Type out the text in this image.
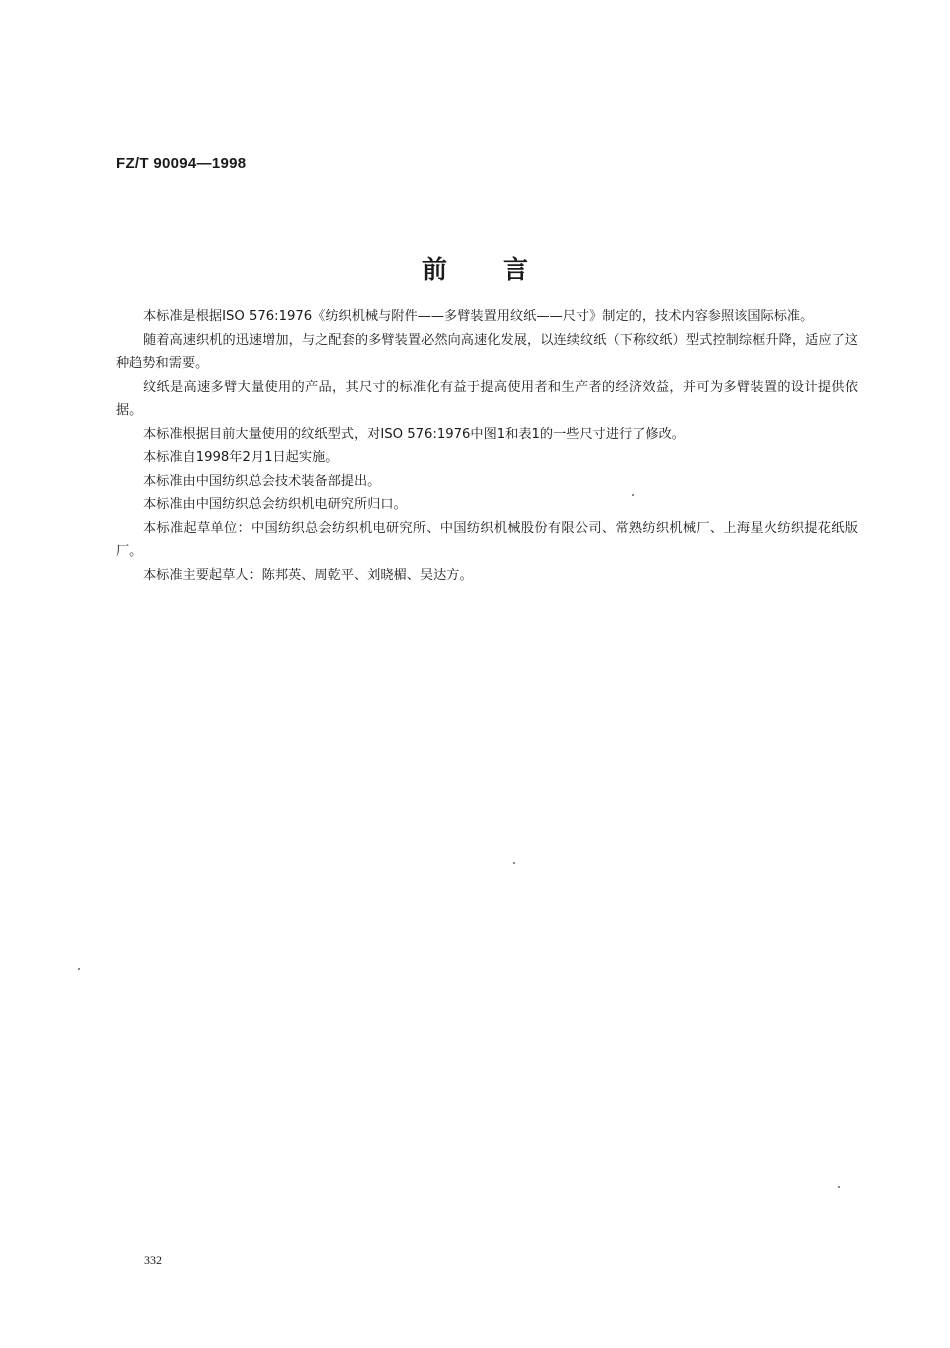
FZ/T 90094—1998
前 言

本标准是根据ISO 576:1976《纺织机械与附件——多臂装置用纹纸——尺寸》制定的，技术内容参照该国际标准。

随着高速织机的迅速增加，与之配套的多臂装置必然向高速化发展，以连续纹纸（下称纹纸）型式控制综框升降，适应了这种趋势和需要。

纹纸是高速多臂大量使用的产品，其尺寸的标准化有益于提高使用者和生产者的经济效益，并可为多臂装置的设计提供依据。

本标准根据目前大量使用的纹纸型式，对ISO 576:1976中图1和表1的一些尺寸进行了修改。

本标准自1998年2月1日起实施。

本标准由中国纺织总会技术装备部提出。

本标准由中国纺织总会纺织机电研究所归口。

本标准起草单位：中国纺织总会纺织机电研究所、中国纺织机械股份有限公司、常熟纺织机械厂、上海星火纺织提花纸版厂。

本标准主要起草人：陈邦英、周乾平、刘晓楣、吴达方。

332
